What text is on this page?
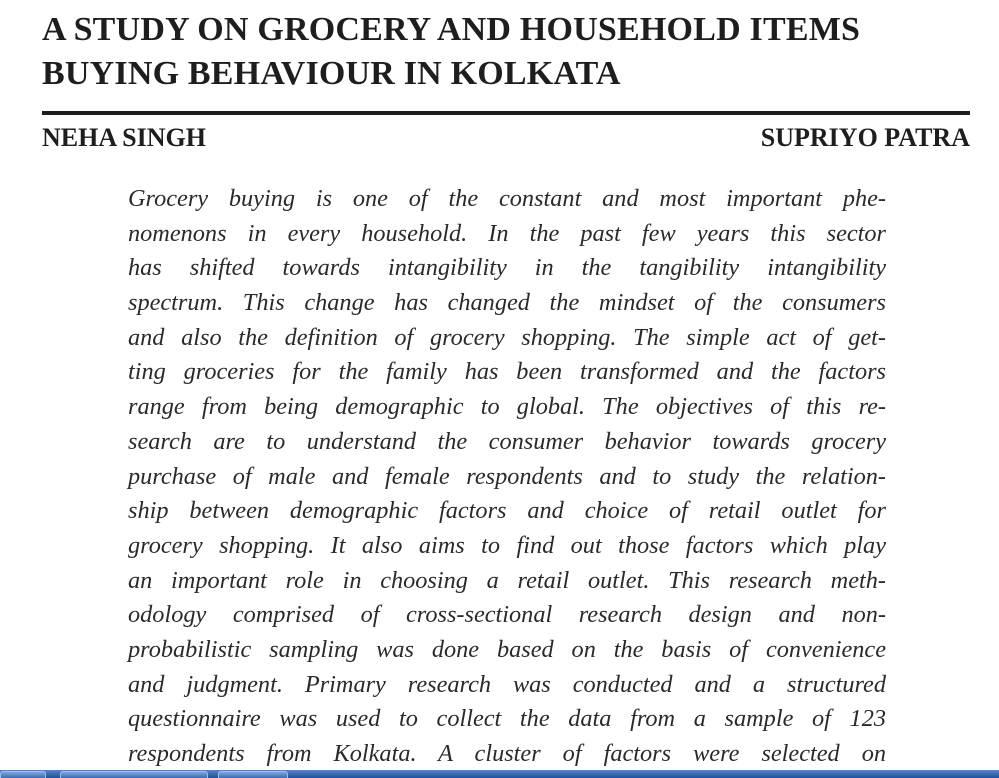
A STUDY ON GROCERY AND HOUSEHOLD ITEMS
BUYING BEHAVIOUR IN KOLKATA
NEHA SINGH	SUPRIYO PATRA
Grocery buying is one of the constant and most important phe-
nomenons in every household. In the past few years this sector
has shifted towards intangibility in the tangibility intangibility
spectrum. This change has changed the mindset of the consumers
and also the definition of grocery shopping. The simple act of get-
ting groceries for the family has been transformed and the factors
range from being demographic to global. The objectives of this re-
search are to understand the consumer behavior towards grocery
purchase of male and female respondents and to study the relation-
ship between demographic factors and choice of retail outlet for
grocery shopping. It also aims to find out those factors which play
an important role in choosing a retail outlet. This research meth-
odology comprised of cross-sectional research design and non-
probabilistic sampling was done based on the basis of convenience
and judgment. Primary research was conducted and a structured
questionnaire was used to collect the data from a sample of 123
respondents from Kolkata. A cluster of factors were selected on
